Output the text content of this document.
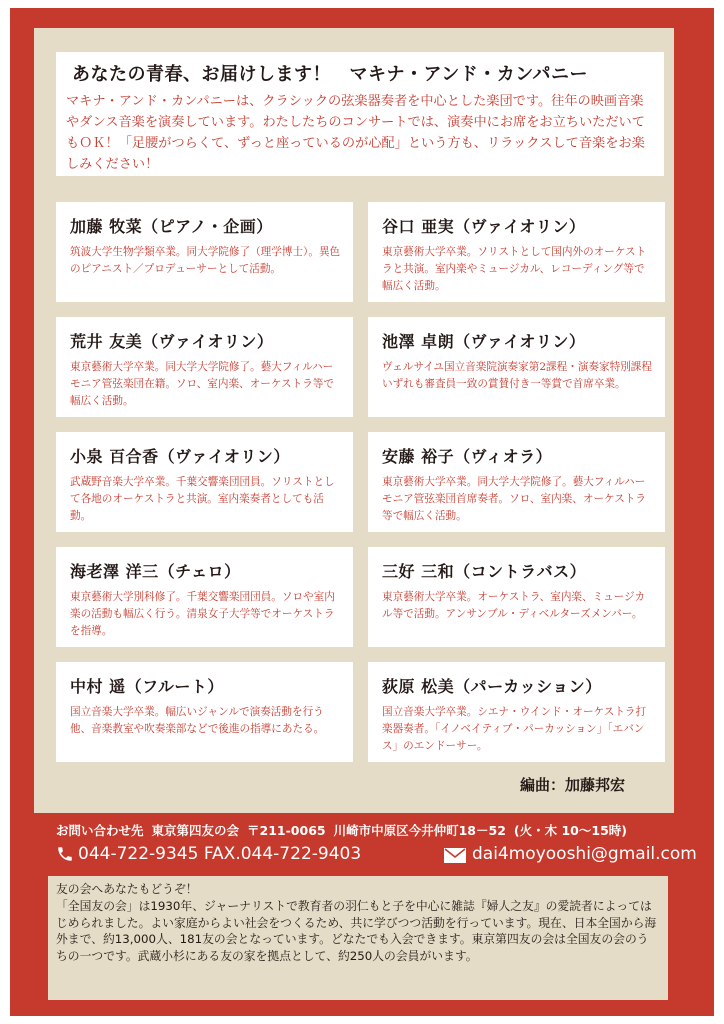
あなたの青春、お届けします！　マキナ・アンド・カンパニー

マキナ・アンド・カンパニーは、クラシックの弦楽器奏者を中心とした楽団です。往年の映画音楽やダンス音楽を演奏しています。わたしたちのコンサートでは、演奏中にお席をお立ちいただいてもＯＫ！「足腰がつらくて、ずっと座っているのが心配」という方も、リラックスして音楽をお楽しみください！

加藤 牧菜（ピアノ・企画）

筑波大学生物学類卒業。同大学院修了（理学博士）。異色のピアニスト／プロデューサーとして活動。

谷口 亜実（ヴァイオリン）

東京藝術大学卒業。ソリストとして国内外のオーケストラと共演。室内楽やミュージカル、レコーディング等で幅広く活動。

荒井 友美（ヴァイオリン）

東京藝術大学卒業。同大学大学院修了。藝大フィルハーモニア管弦楽団在籍。ソロ、室内楽、オーケストラ等で幅広く活動。

池澤 卓朗（ヴァイオリン）

ヴェルサイユ国立音楽院演奏家第2課程・演奏家特別課程いずれも審査員一致の賞賛付き一等賞で首席卒業。

小泉 百合香（ヴァイオリン）

武蔵野音楽大学卒業。千葉交響楽団団員。ソリストとして各地のオーケストラと共演。室内楽奏者としても活動。

安藤 裕子（ヴィオラ）

東京藝術大学卒業。同大学大学院修了。藝大フィルハーモニア管弦楽団首席奏者。ソロ、室内楽、オーケストラ等で幅広く活動。

海老澤 洋三（チェロ）

東京藝術大学別科修了。千葉交響楽団団員。ソロや室内楽の活動も幅広く行う。清泉女子大学等でオーケストラを指導。

三好 三和（コントラバス）

東京藝術大学卒業。オーケストラ、室内楽、ミュージカル等で活動。アンサンブル・ディベルターズメンバー。

中村 遥（フルート）

国立音楽大学卒業。幅広いジャンルで演奏活動を行う他、音楽教室や吹奏楽部などで後進の指導にあたる。

荻原 松美（パーカッション）

国立音楽大学卒業。シエナ・ウインド・オーケストラ打楽器奏者。「イノベイティブ・パーカッション」「エバンス」のエンドーサー。

編曲：加藤邦宏
お問い合わせ先 東京第四友の会 〒211-0065 川崎市中原区今井仲町18－52 (火・木 10〜15時)
044-722-9345 FAX.044-722-9403	dai4moyooshi@gmail.com

友の会へあなたもどうぞ！

「全国友の会」は1930年、ジャーナリストで教育者の羽仁もと子を中心に雑誌『婦人之友』の愛読者によってはじめられました。よい家庭からよい社会をつくるため、共に学びつつ活動を行っています。現在、日本全国から海外まで、約13,000人、181友の会となっています。どなたでも入会できます。東京第四友の会は全国友の会のうちの一つです。武蔵小杉にある友の家を拠点として、約250人の会員がいます。
